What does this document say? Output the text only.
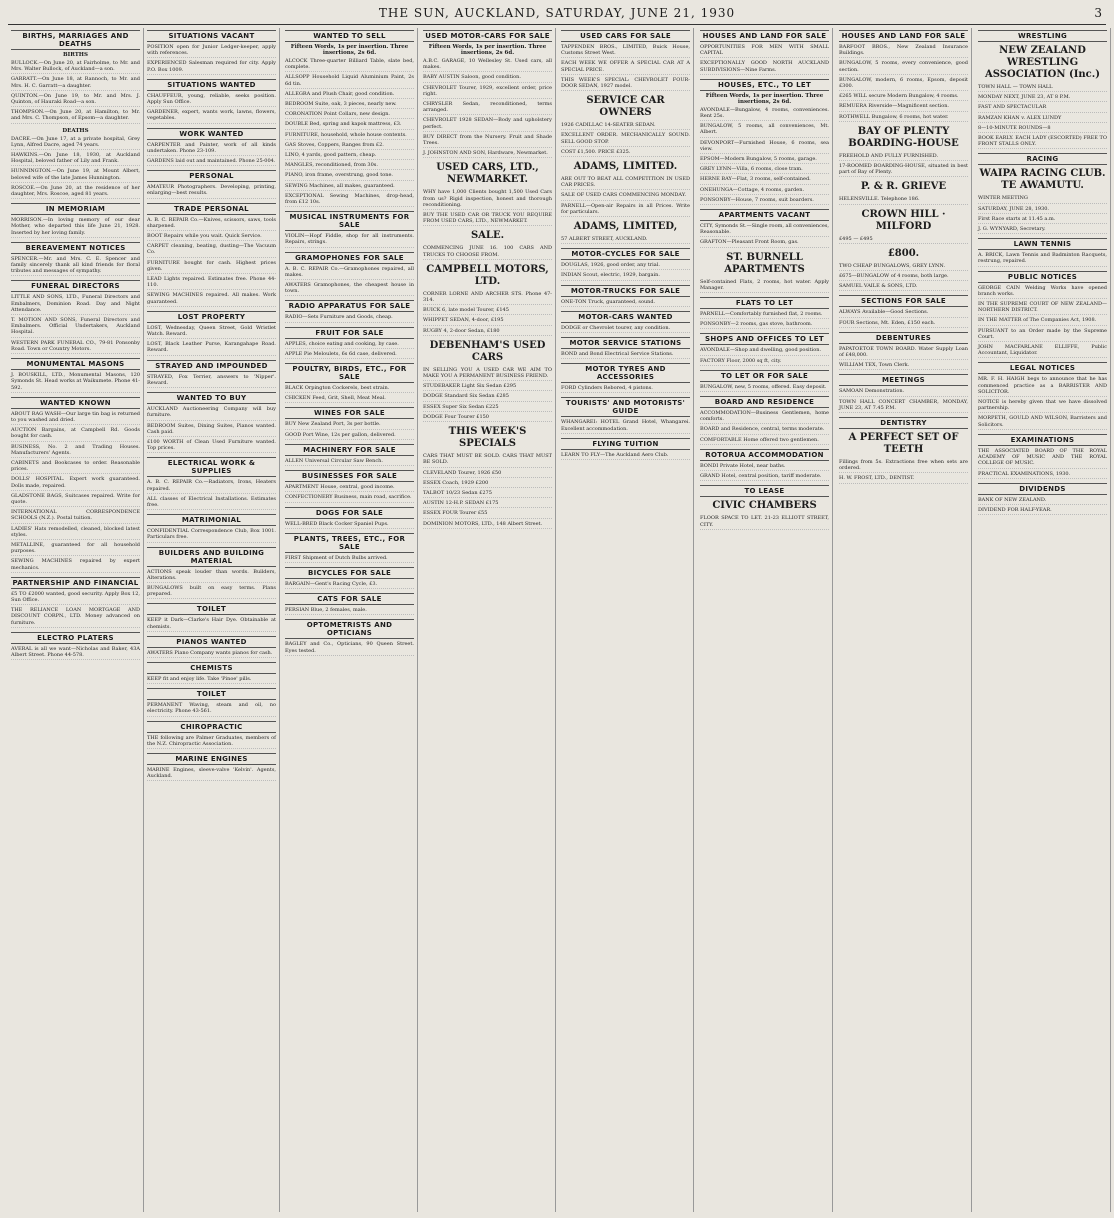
THE SUN, AUCKLAND, SATURDAY, JUNE 21, 1930	3
BIRTHS, MARRIAGES AND DEATHS
BIRTHS
BULLOCK.—On June 20, at Fairholme, to Mr. and Mrs. Walter Bullock, of Auckland—a son.
GARRATT.—On June 18, at Rannoch, to Mr. and Mrs. H. C. Garratt—a daughter.
QUINTON.—On June 19, to Mr. and Mrs. J. Quinton, of Hauraki Road—a son.
THOMPSON.—On June 20, at Hamilton, to Mr. and Mrs. C. Thompson, of Epsom—a daughter.
DEATHS
DACRE.—On June 17, at a private hospital, Grey Lynn, Alfred Dacre, aged 74 years.
HAWKINS.—On June 18, 1930, at Auckland Hospital, beloved father of Lily and Frank.
HUNNINGTON.—On June 19, at Mount Albert, beloved wife of the late James Hunnington.
ROSCOE.—On June 20, at the residence of her daughter, Mrs. Roscoe, aged 81 years.
IN MEMORIAM
MORRISON.—In loving memory of our dear Mother, who departed this life June 21, 1928. Inserted by her loving family.
BEREAVEMENT NOTICES
SPENCER.—Mr. and Mrs. C. E. Spencer and family sincerely thank all kind friends for floral tributes and messages of sympathy.
FUNERAL DIRECTORS
LITTLE AND SONS, LTD., Funeral Directors and Embalmers, Dominion Road. Day and Night Attendance.
T. MOTION AND SONS, Funeral Directors and Embalmers. Official Undertakers, Auckland Hospital.
WESTERN PARK FUNERAL CO., 79-81 Ponsonby Road. Town or Country Motors.
MONUMENTAL MASONS
J. BOUSKILL, LTD., Monumental Masons, 120 Symonds St. Head works at Waikumete. Phone 41-592.
WANTED KNOWN
ABOUT RAG WASH—Our large tin bag is returned to you washed and dried.
AUCTION Bargains, at Campbell Rd. Goods bought for cash.
BUSINESS, No. 2 and Trading Houses. Manufacturers' Agents.
CABINETS and Bookcases to order. Reasonable prices.
DOLLS' HOSPITAL. Expert work guaranteed. Dolls made, repaired.
GLADSTONE BAGS, Suitcases repaired. Write for quote.
INTERNATIONAL CORRESPONDENCE SCHOOLS (N.Z.). Postal tuition.
LADIES' Hats remodelled, cleaned, blocked latest styles.
METALLINE, guaranteed for all household purposes.
SEWING MACHINES repaired by expert mechanics.
PARTNERSHIP AND FINANCIAL
£5 TO £2000 wanted, good security. Apply Box 12, Sun Office.
THE RELIANCE LOAN MORTGAGE AND DISCOUNT CORPN., LTD. Money advanced on furniture.
ELECTRO PLATERS
AVERAL is all we want—Nicholas and Baker, 43A Albert Street. Phone 44-578.
SITUATIONS VACANT
POSITION open for Junior Ledger-keeper, apply with references.
EXPERIENCED Salesman required for city. Apply P.O. Box 1009.
SITUATIONS WANTED
CHAUFFEUR, young, reliable, seeks position. Apply Sun Office.
GARDENER, expert, wants work, lawns, flowers, vegetables.
WORK WANTED
CARPENTER and Painter, work of all kinds undertaken. Phone 23-109.
GARDENS laid out and maintained. Phone 25-004.
PERSONAL
AMATEUR Photographers. Developing, printing, enlarging—best results.
TRADE PERSONAL
A. B. C. REPAIR Co.—Knives, scissors, saws, tools sharpened.
BOOT Repairs while you wait. Quick Service.
CARPET cleaning, beating, dusting—The Vacuum Co.
FURNITURE bought for cash. Highest prices given.
LEAD Lights repaired. Estimates free. Phone 44-110.
SEWING MACHINES repaired. All makes. Work guaranteed.
LOST PROPERTY
LOST, Wednesday, Queen Street, Gold Wristlet Watch. Reward.
LOST, Black Leather Purse, Karangahape Road. Reward.
STRAYED AND IMPOUNDED
STRAYED, Fox Terrier, answers to 'Nipper'. Reward.
WANTED TO BUY
AUCKLAND Auctioneering Company will buy furniture.
BEDROOM Suites, Dining Suites, Pianos wanted. Cash paid.
£100 WORTH of Clean Used Furniture wanted. Top prices.
ELECTRICAL WORK & SUPPLIES
A. B. C. REPAIR Co.—Radiators, Irons, Heaters repaired.
ALL classes of Electrical Installations. Estimates free.
MATRIMONIAL
CONFIDENTIAL Correspondence Club, Box 1001. Particulars free.
BUILDERS AND BUILDING MATERIAL
ACTIONS speak louder than words. Builders, Alterations.
BUNGALOWS built on easy terms. Plans prepared.
TOILET
KEEP it Dark—Clarke's Hair Dye. Obtainable at chemists.
PIANOS WANTED
AWATERS Piano Company wants pianos for cash.
CHEMISTS
KEEP fit and enjoy life. Take 'Pinoe' pills.
TOILET
PERMANENT Waving, steam and oil, no electricity. Phone 43-561.
CHIROPRACTIC
THE following are Palmer Graduates, members of the N.Z. Chiropractic Association.
MARINE ENGINES
MARINE Engines, sleeve-valve 'Kelvin'. Agents, Auckland.
WANTED TO SELL
Fifteen Words, 1s per insertion. Three insertions, 2s 6d.
ALCOCK Three-quarter Billiard Table, slate bed, complete.
ALLSOPP Household Liquid Aluminium Paint, 2s 6d tin.
ALLEGRA and Plush Chair, good condition.
BEDROOM Suite, oak, 3 pieces, nearly new.
CORONATION Point Collars, new design.
DOUBLE Bed, spring and kapok mattress, £3.
FURNITURE, household, whole house contents.
GAS Stoves, Coppers, Ranges from £2.
LINO, 4 yards, good pattern, cheap.
MANGLES, reconditioned, from 30s.
PIANO, iron frame, overstrung, good tone.
SEWING Machines, all makes, guaranteed.
EXCEPTIONAL Sewing Machines, drop-head, from £12 10s.
MUSICAL INSTRUMENTS FOR SALE
VIOLIN—Hopf Fiddle, shop for all instruments. Repairs, strings.
GRAMOPHONES FOR SALE
A. B. C. REPAIR Co.—Gramophones repaired, all makes.
AWATERS Gramophones, the cheapest house in town.
RADIO APPARATUS FOR SALE
RADIO—Sets Furniture and Goods, cheap.
FRUIT FOR SALE
APPLES, choice eating and cooking, by case.
APPLE Pie Meloulets, 6s 6d case, delivered.
POULTRY, BIRDS, ETC., FOR SALE
BLACK Orpington Cockerels, best strain.
CHICKEN Feed, Grit, Shell, Meat Meal.
WINES FOR SALE
BUY New Zealand Port, 3s per bottle.
GOOD Port Wine, 12s per gallon, delivered.
MACHINERY FOR SALE
ALLEN Universal Circular Saw Bench.
BUSINESSES FOR SALE
APARTMENT House, central, good income.
CONFECTIONERY Business, main road, sacrifice.
DOGS FOR SALE
WELL-BRED Black Cocker Spaniel Pups.
PLANTS, TREES, ETC., FOR SALE
FIRST Shipment of Dutch Bulbs arrived.
BICYCLES FOR SALE
BARGAIN—Gent's Racing Cycle, £3.
CATS FOR SALE
PERSIAN Blue, 2 females, male.
OPTOMETRISTS AND OPTICIANS
BAGLEY and Co., Opticians, 90 Queen Street. Eyes tested.
USED MOTOR-CARS FOR SALE
Fifteen Words, 1s per insertion. Three insertions, 2s 6d.
A.B.C. GARAGE, 10 Wellesley St. Used cars, all makes.
BABY AUSTIN Saloon, good condition.
CHEVROLET Tourer, 1929, excellent order, price right.
CHRYSLER Sedan, reconditioned, terms arranged.
CHEVROLET 1928 SEDAN—Body and upholstery perfect.
BUY DIRECT from the Nursery. Fruit and Shade Trees.
J. JOHNSTON AND SON, Hardware, Newmarket.
USED CARS, LTD., NEWMARKET.
WHY have 1,000 Clients bought 1,500 Used Cars from us? Rigid inspection, honest and thorough reconditioning.
BUY THE USED CAR OR TRUCK YOU REQUIRE FROM USED CARS, LTD., NEWMARKET.
SALE.
COMMENCING JUNE 16. 100 CARS AND TRUCKS TO CHOOSE FROM.
CAMPBELL MOTORS, LTD.
CORNER LORNE AND ARCHER STS. Phone 47-314.
BUICK 6, late model Tourer, £145
WHIPPET SEDAN, 4-door, £195
RUGBY 4, 2-door Sedan, £180
DEBENHAM'S USED CARS
IN SELLING YOU A USED CAR WE AIM TO MAKE YOU A PERMANENT BUSINESS FRIEND.
STUDEBAKER Light Six Sedan £295
DODGE Standard Six Sedan £285
ESSEX Super Six Sedan £225
DODGE Four Tourer £150
THIS WEEK'S SPECIALS
CARS THAT MUST BE SOLD. CARS THAT MUST BE SOLD.
CLEVELAND Tourer, 1926 £50
ESSEX Coach, 1929 £200
TALBOT 10/23 Sedan £275
AUSTIN 12-H.P. SEDAN £175
ESSEX FOUR Tourer £55
DOMINION MOTORS, LTD., 148 Albert Street.
USED CARS FOR SALE
TAPPENDEN BROS., LIMITED, Buick House, Customs Street West.
EACH WEEK WE OFFER A SPECIAL CAR AT A SPECIAL PRICE.
THIS WEEK'S SPECIAL: CHEVROLET FOUR-DOOR SEDAN, 1927 model.
SERVICE CAR OWNERS
1926 CADILLAC 14-SEATER SEDAN.
EXCELLENT ORDER. MECHANICALLY SOUND. SELL GOOD STOP.
COST £1,500. PRICE £325.
ADAMS, LIMITED.
ARE OUT TO BEAT ALL COMPETITION IN USED CAR PRICES.
SALE OF USED CARS COMMENCING MONDAY.
PARNELL—Open-air Repairs in all Prices. Write for particulars.
ADAMS, LIMITED,
57 ALBERT STREET, AUCKLAND.
MOTOR-CYCLES FOR SALE
DOUGLAS, 1926, good order, any trial.
INDIAN Scout, electric, 1929, bargain.
MOTOR-TRUCKS FOR SALE
ONE-TON Truck, guaranteed, sound.
MOTOR-CARS WANTED
DODGE or Chevrolet tourer, any condition.
MOTOR SERVICE STATIONS
BOND and Bond Electrical Service Stations.
MOTOR TYRES AND ACCESSORIES
FORD Cylinders Rebored, 4 pistons.
TOURISTS' AND MOTORISTS' GUIDE
WHANGAREI: HOTEL Grand Hotel, Whangarei. Excellent accommodation.
FLYING TUITION
LEARN TO FLY—The Auckland Aero Club.
HOUSES AND LAND FOR SALE
OPPORTUNITIES FOR MEN WITH SMALL CAPITAL
EXCEPTIONALLY GOOD NORTH AUCKLAND SUBDIVISIONS—Nine Farms.
HOUSES, ETC., TO LET
Fifteen Words, 1s per insertion. Three insertions, 2s 6d.
AVONDALE—Bungalow, 4 rooms, conveniences. Rent 25s.
BUNGALOW, 5 rooms, all conveniences, Mt. Albert.
DEVONPORT—Furnished House, 6 rooms, sea view.
EPSOM—Modern Bungalow, 5 rooms, garage.
GREY LYNN—Villa, 6 rooms, close tram.
HERNE BAY—Flat, 3 rooms, self-contained.
ONEHUNGA—Cottage, 4 rooms, garden.
PONSONBY—House, 7 rooms, suit boarders.
APARTMENTS VACANT
CITY, Symonds St.—Single room, all conveniences, Reasonable.
GRAFTON—Pleasant Front Room, gas.
ST. BURNELL APARTMENTS
Self-contained Flats, 2 rooms, hot water. Apply Manager.
FLATS TO LET
PARNELL—Comfortably furnished flat, 2 rooms.
PONSONBY—2 rooms, gas stove, bathroom.
SHOPS AND OFFICES TO LET
AVONDALE—Shop and dwelling, good position.
FACTORY Floor, 2000 sq ft, city.
TO LET OR FOR SALE
BUNGALOW, new, 5 rooms, offered. Easy deposit.
BOARD AND RESIDENCE
ACCOMMODATION—Business Gentlemen, home comforts.
BOARD and Residence, central, terms moderate.
COMFORTABLE Home offered two gentlemen.
ROTORUA ACCOMMODATION
BONDI Private Hotel, near baths.
GRAND Hotel, central position, tariff moderate.
TO LEASE
CIVIC CHAMBERS
FLOOR SPACE TO LET. 21-23 ELLIOTT STREET, CITY.
HOUSES AND LAND FOR SALE
BARFOOT BROS., New Zealand Insurance Buildings.
BUNGALOW, 5 rooms, every convenience, good section.
BUNGALOW, modern, 6 rooms, Epsom, deposit £300.
£265 WILL secure Modern Bungalow, 4 rooms.
REMUERA Riverside—Magnificent section.
ROTHWELL Bungalow, 6 rooms, hot water.
BAY OF PLENTY BOARDING-HOUSE
FREEHOLD AND FULLY FURNISHED.
17-ROOMED BOARDING-HOUSE, situated in best part of Bay of Plenty.
P. & R. GRIEVE
HELENSVILLE. Telephone 186.
CROWN HILL · MILFORD
£495 — £495
£800.
TWO CHEAP BUNGALOWS, GREY LYNN.
£675—BUNGALOW of 4 rooms, both large.
SAMUEL VAILE & SONS, LTD.
SECTIONS FOR SALE
ALWAYS Available—Good Sections.
FOUR Sections, Mt. Eden, £150 each.
DEBENTURES
PAPATOETOE TOWN BOARD. Water Supply Loan of £48,000.
WILLIAM TEX, Town Clerk.
MEETINGS
SAMOAN Demonstration.
TOWN HALL CONCERT CHAMBER, MONDAY, JUNE 23, AT 7.45 P.M.
DENTISTRY
A PERFECT SET OF TEETH
Fillings from 5s. Extractions free when sets are ordered.
H. W. FROST, LTD., DENTIST.
WRESTLING
NEW ZEALAND WRESTLING ASSOCIATION (Inc.)
TOWN HALL — TOWN HALL
MONDAY NEXT, JUNE 23, AT 8 P.M.
FAST AND SPECTACULAR
RAMZAN KHAN v. ALEX LUNDY
8—10-MINUTE ROUNDS—8
BOOK EARLY. EACH LADY (ESCORTED) FREE TO FRONT STALLS ONLY.
RACING
WAIPA RACING CLUB. TE AWAMUTU.
WINTER MEETING
SATURDAY, JUNE 28, 1930.
First Race starts at 11.45 a.m.
J. G. WYNYARD, Secretary.
LAWN TENNIS
A. BRICK, Lawn Tennis and Badminton Racquets, restrung, repaired.
PUBLIC NOTICES
GEORGE CAIN Welding Works have opened branch works.
IN THE SUPREME COURT OF NEW ZEALAND—NORTHERN DISTRICT.
IN THE MATTER of The Companies Act, 1908.
PURSUANT to an Order made by the Supreme Court.
JOHN MACFARLANE ELLIFFE, Public Accountant, Liquidator.
LEGAL NOTICES
MR. F. H. HAIGH begs to announce that he has commenced practice as a BARRISTER AND SOLICITOR.
NOTICE is hereby given that we have dissolved partnership.
MORPETH, GOULD AND WILSON, Barristers and Solicitors.
EXAMINATIONS
THE ASSOCIATED BOARD OF THE ROYAL ACADEMY OF MUSIC AND THE ROYAL COLLEGE OF MUSIC.
PRACTICAL EXAMINATIONS, 1930.
DIVIDENDS
BANK OF NEW ZEALAND.
DIVIDEND FOR HALF-YEAR.
